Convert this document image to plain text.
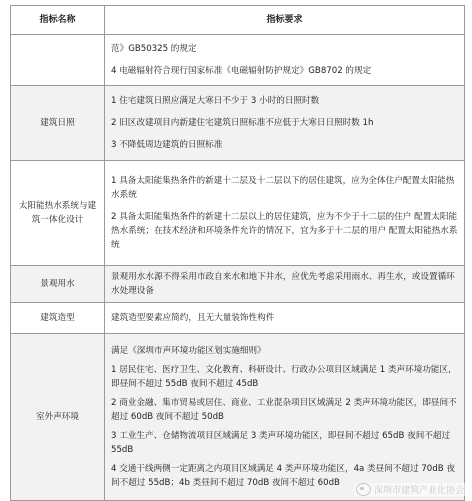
指标名称	指标要求

	范》GB50325 的规定

4 电磁辐射符合现行国家标准《电磁辐射防护规定》GB8702 的规定

建筑日照	1 住宅建筑日照应满足大寒日不少于 3 小时的日照时数

2 旧区改建项目内新建住宅建筑日照标准不应低于大寒日日照时数 1h

3 不降低周边建筑的日照标准

太阳能热水系统与建筑一体化设计	1 具备太阳能集热条件的新建十二层及十二层以下的居住建筑，应为全体住户配置太阳能热水系统

2 具备太阳能集热条件的新建十二层以上的居住建筑，应为不少于十二层的住户 配置太阳能热水系统；在技术经济和环境条件允许的情况下，宜为多于十二层的用户 配置太阳能热水系统

景观用水	景观用水水源不得采用市政自来水和地下井水，应优先考虑采用雨水、再生水，或设置循环水处理设备

建筑造型	建筑造型要素应简约，且无大量装饰性构件

室外声环境	满足《深圳市声环境功能区划实施细则》

1 居民住宅、医疗卫生、文化教育、科研设计、行政办公项目区域满足 1 类声环境功能区，即昼间不超过 55dB 夜间不超过 45dB

2 商业金融、集市贸易或居住、商业、工业混杂项目区域满足 2 类声环境功能区，即昼间不超过 60dB 夜间不超过 50dB

3 工业生产、仓储物流项目区域满足 3 类声环境功能区，即昼间不超过 65dB 夜间不超过 55dB

4 交通干线两侧一定距离之内项目区域满足 4 类声环境功能区，4a 类昼间不超过 70dB 夜间不超过 55dB；4b 类昼间不超过 70dB 夜间不超过 60dB

深圳市建筑产业化协会
